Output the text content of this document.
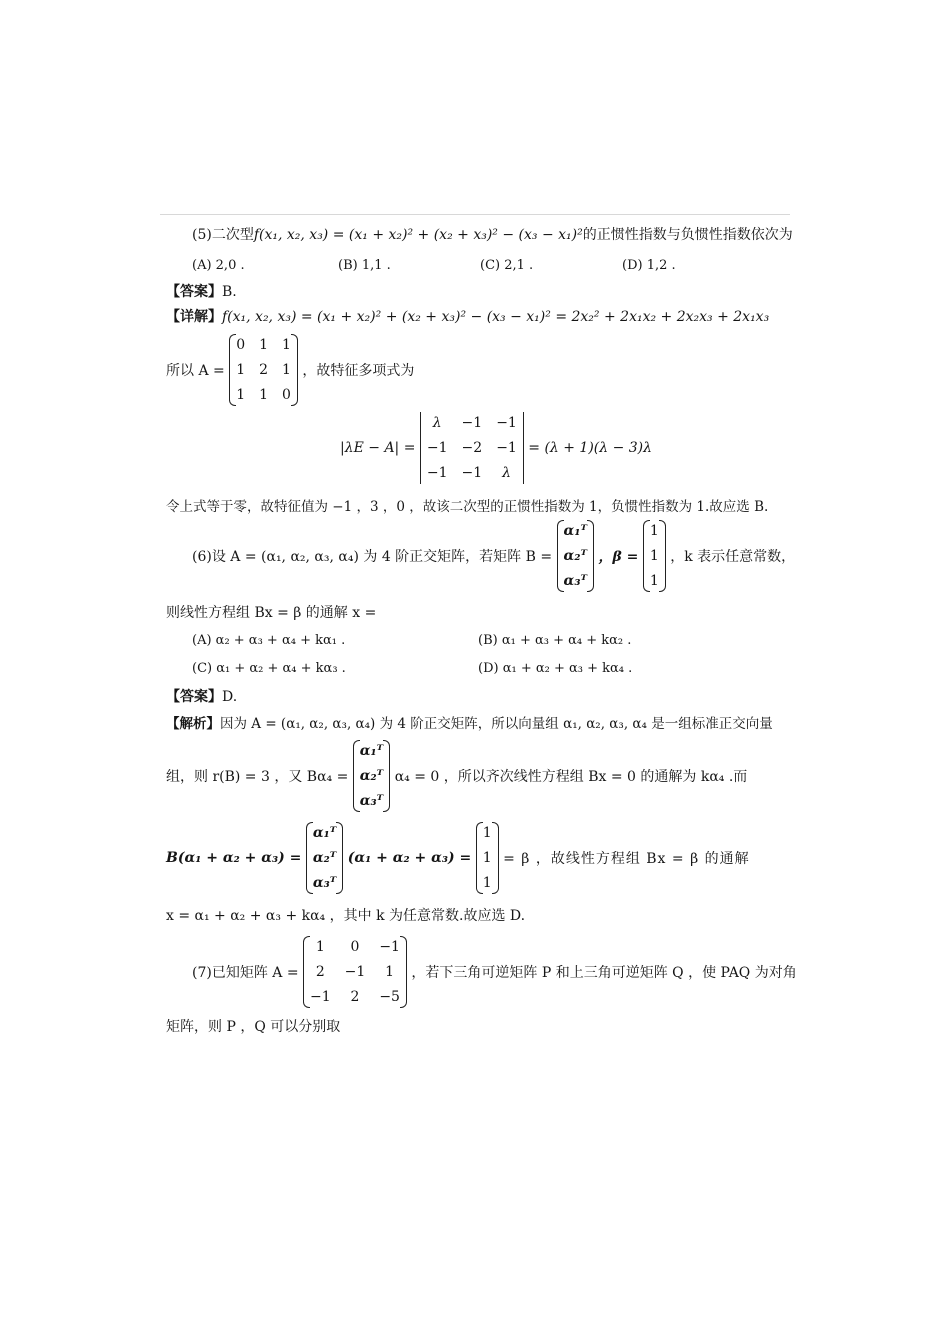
(5)二次型f(x₁, x₂, x₃) = (x₁ + x₂)² + (x₂ + x₃)² − (x₃ − x₁)²的正惯性指数与负惯性指数依次为
(A) 2,0 .	(B) 1,1 .	(C) 2,1 .	(D) 1,2 .
【答案】B.
【详解】f(x₁, x₂, x₃) = (x₁ + x₂)² + (x₂ + x₃)² − (x₃ − x₁)² = 2x₂² + 2x₁x₂ + 2x₂x₃ + 2x₁x₃
所以 A =
0 1 1
1 2 1
1 1 0
，故特征多项式为
|λE − A| =
λ	−1 −1
−1 −2 −1
−1 −1	λ
= (λ + 1)(λ − 3)λ
令上式等于零，故特征值为 −1 ，3 ，0 ，故该二次型的正惯性指数为 1，负惯性指数为 1.故应选 B.
(6)设 A = (α₁, α₂, α₃, α₄) 为 4 阶正交矩阵，若矩阵 B =
α₁ᵀ
α₂ᵀ
α₃ᵀ
，β =
1
1
1
，k 表示任意常数，
则线性方程组 Bx = β 的通解 x =
(A) α₂ + α₃ + α₄ + kα₁ .	(B) α₁ + α₃ + α₄ + kα₂ .
(C) α₁ + α₂ + α₄ + kα₃ .	(D) α₁ + α₂ + α₃ + kα₄ .
【答案】D.
【解析】因为 A = (α₁, α₂, α₃, α₄) 为 4 阶正交矩阵，所以向量组 α₁, α₂, α₃, α₄ 是一组标准正交向量
组，则 r(B) = 3 ，又 Bα₄ =
α₁ᵀ
α₂ᵀ
α₃ᵀ
α₄ = 0 ，所以齐次线性方程组 Bx = 0 的通解为 kα₄ .而
B(α₁ + α₂ + α₃) =
α₁ᵀ
α₂ᵀ
α₃ᵀ
(α₁ + α₂ + α₃) =
1
1
1
= β ，故线性方程组 Bx = β 的通解
x = α₁ + α₂ + α₃ + kα₄ ，其中 k 为任意常数.故应选 D.
(7)已知矩阵 A =
1	0	−1
2	−1	1
−1	2	−5
，若下三角可逆矩阵 P 和上三角可逆矩阵 Q ，使 PAQ 为对角
矩阵，则 P ，Q 可以分别取
